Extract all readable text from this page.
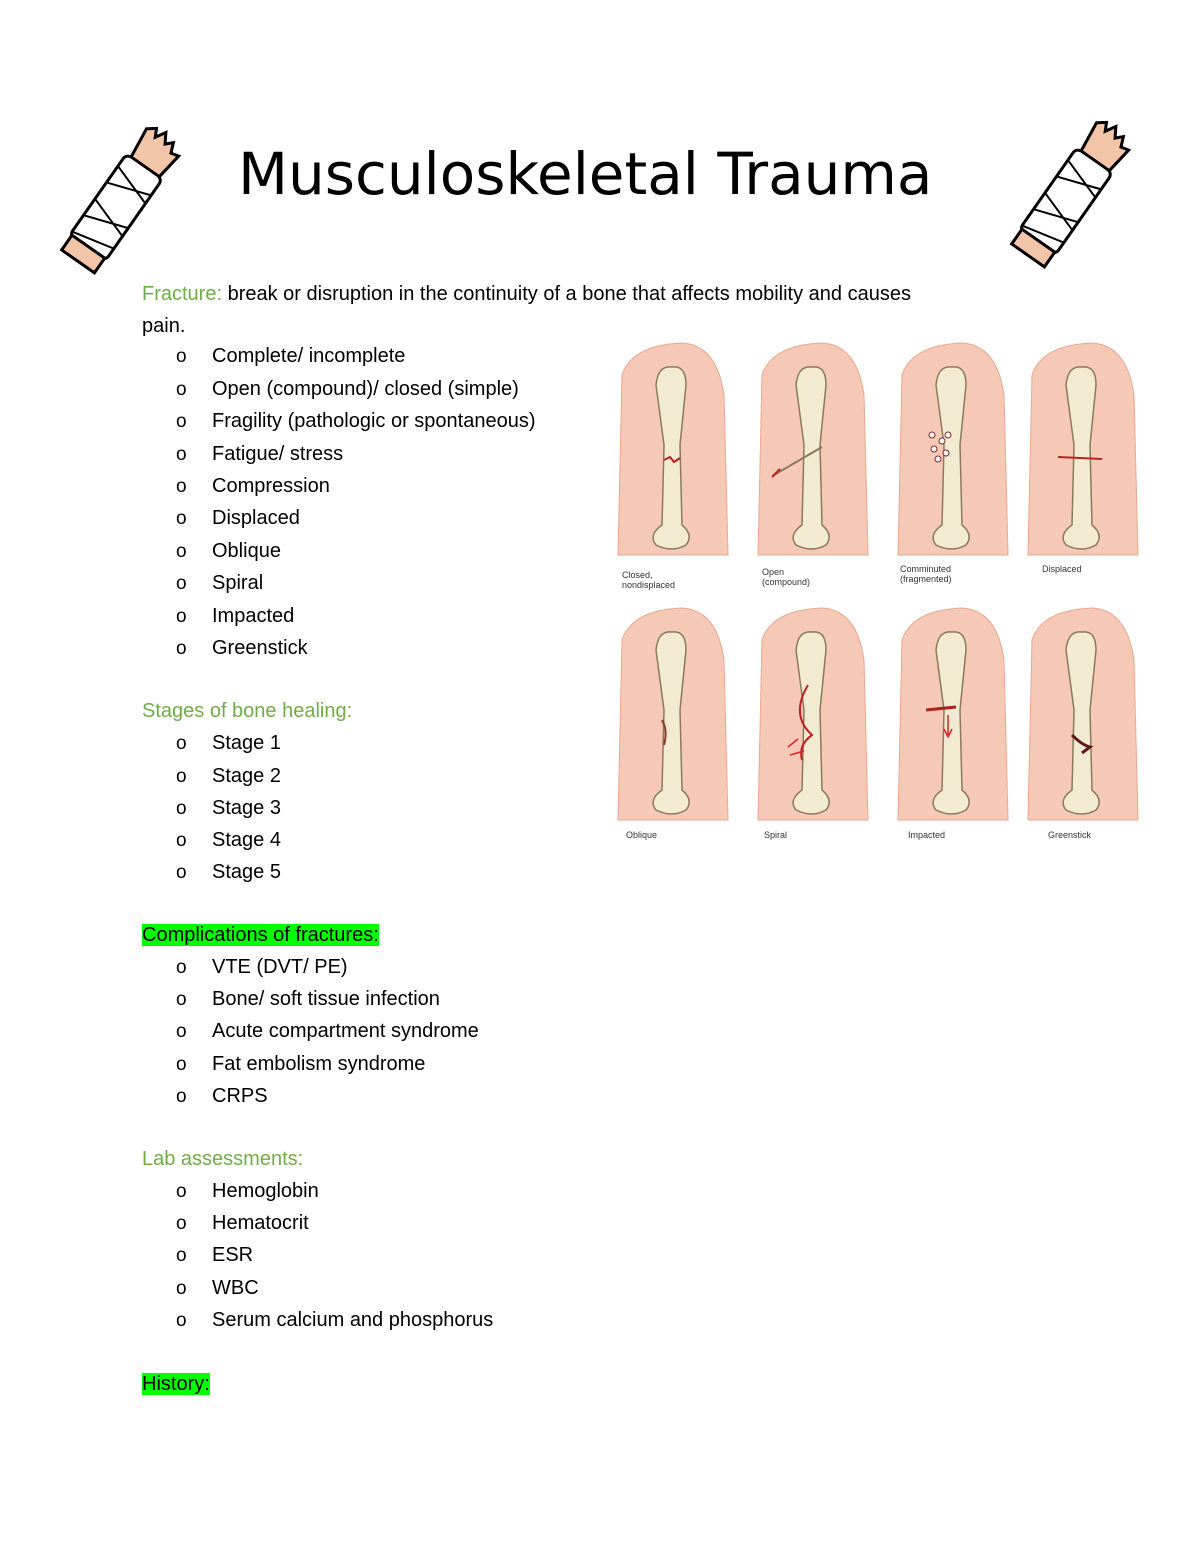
Musculoskeletal Trauma
Fracture: break or disruption in the continuity of a bone that affects mobility and causes
pain.
o Complete/ incomplete
o Open (compound)/ closed (simple)
o Fragility (pathologic or spontaneous)
o Fatigue/ stress
o Compression
o Displaced
o Oblique
o Spiral
o Impacted
o Greenstick
Stages of bone healing:
o Stage 1
o Stage 2
o Stage 3
o Stage 4
o Stage 5
Complications of fractures:
o VTE (DVT/ PE)
o Bone/ soft tissue infection
o Acute compartment syndrome
o Fat embolism syndrome
o CRPS
Lab assessments:
o Hemoglobin
o Hematocrit
o ESR
o WBC
o Serum calcium and phosphorus
History:
Closed,
nondisplaced
Open
(compound)
Comminuted
(fragmented)
Displaced
Oblique	Spiral	Impacted	Greenstick
